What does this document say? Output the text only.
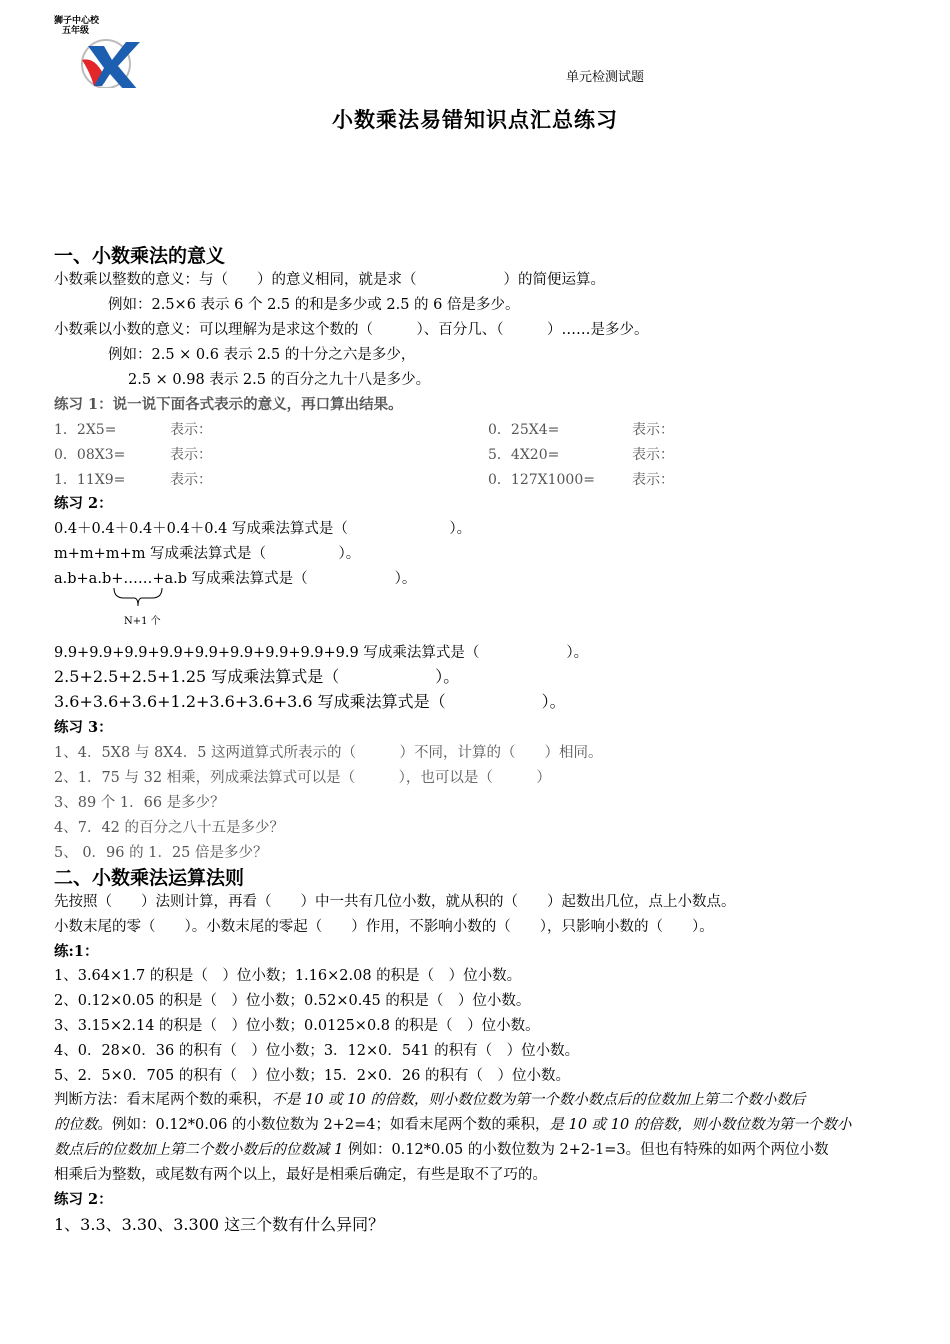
狮子中心校
五年级
单元检测试题
小数乘法易错知识点汇总练习
一、小数乘法的意义
小数乘以整数的意义：与（　　）的意义相同，就是求（　　　　　　）的简便运算。
例如：2.5×6 表示 6 个 2.5 的和是多少或 2.5 的 6 倍是多少。
小数乘以小数的意义：可以理解为是求这个数的（　　　）、百分几、（　　　）……是多少。
例如：2.5 × 0.6 表示 2.5 的十分之六是多少，
2.5 × 0.98 表示 2.5 的百分之九十八是多少。
练习 1：说一说下面各式表示的意义，再口算出结果。
1．2X5=	表示：	0．25X4=	表示：
0．08X3=	表示：	5．4X20=	表示：
1．11X9=	表示：	0．127X1000=	表示：
练习 2：
0.4＋0.4＋0.4＋0.4＋0.4 写成乘法算式是（　　　　　　　）。
m+m+m+m 写成乘法算式是（　　　　　）。
a.b+a.b+……+a.b 写成乘法算式是（　　　　　　）。
N+1 个
9.9+9.9+9.9+9.9+9.9+9.9+9.9+9.9+9.9 写成乘法算式是（　　　　　　）。
2.5+2.5+2.5+1.25 写成乘法算式是（　　　　　　）。
3.6+3.6+3.6+1.2+3.6+3.6+3.6 写成乘法算式是（　　　　　　）。
练习 3：
1、4．5X8 与 8X4．5 这两道算式所表示的（　　　）不同，计算的（　　）相同。
2、1．75 与 32 相乘，列成乘法算式可以是（　　　），也可以是（　　　）
3、89 个 1．66 是多少？
4、7．42 的百分之八十五是多少？
5、 0．96 的 1．25 倍是多少？
二、小数乘法运算法则
先按照（　　）法则计算，再看（　　）中一共有几位小数，就从积的（　　）起数出几位，点上小数点。
小数末尾的零（　　）。小数末尾的零起（　　）作用，不影响小数的（　　），只影响小数的（　　）。
练:1：
1、3.64×1.7 的积是（　）位小数；1.16×2.08 的积是（　）位小数。
2、0.12×0.05 的积是（　）位小数；0.52×0.45 的积是（　）位小数。
3、3.15×2.14 的积是（　）位小数；0.0125×0.8 的积是（　）位小数。
4、0．28×0．36 的积有（　）位小数；3．12×0．541 的积有（　）位小数。
5、2．5×0．705 的积有（　）位小数；15．2×0．26 的积有（　）位小数。
判断方法：看末尾两个数的乘积，不是 10 或 10 的倍数，则小数位数为第一个数小数点后的位数加上第二个数小数后
的位数。例如：0.12*0.06 的小数位数为 2+2=4；如看末尾两个数的乘积，是 10 或 10 的倍数，则小数位数为第一个数小
数点后的位数加上第二个数小数后的位数减 1 例如：0.12*0.05 的小数位数为 2+2-1=3。但也有特殊的如两个两位小数
相乘后为整数，或尾数有两个以上，最好是相乘后确定，有些是取不了巧的。
练习 2：
1、3.3、3.30、3.300 这三个数有什么异同？
